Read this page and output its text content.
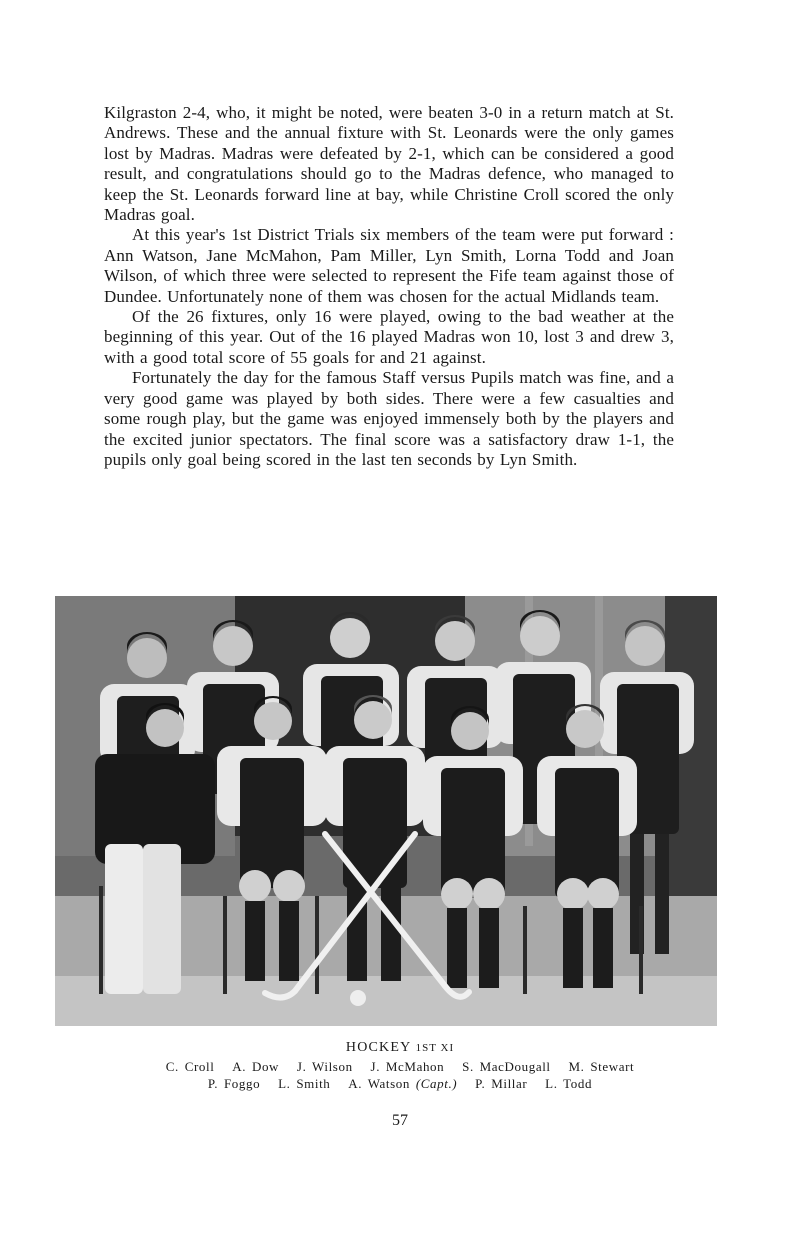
Kilgraston 2-4, who, it might be noted, were beaten 3-0 in a return match at St. Andrews. These and the annual fixture with St. Leonards were the only games lost by Madras. Madras were defeated by 2-1, which can be considered a good result, and congratulations should go to the Madras defence, who managed to keep the St. Leonards forward line at bay, while Christine Croll scored the only Madras goal.

At this year's 1st District Trials six members of the team were put forward : Ann Watson, Jane McMahon, Pam Miller, Lyn Smith, Lorna Todd and Joan Wilson, of which three were selected to represent the Fife team against those of Dundee. Unfortunately none of them was chosen for the actual Midlands team.

Of the 26 fixtures, only 16 were played, owing to the bad weather at the beginning of this year. Out of the 16 played Madras won 10, lost 3 and drew 3, with a good total score of 55 goals for and 21 against.

Fortunately the day for the famous Staff versus Pupils match was fine, and a very good game was played by both sides. There were a few casualties and some rough play, but the game was enjoyed immensely both by the players and the excited junior spectators. The final score was a satisfactory draw 1-1, the pupils only goal being scored in the last ten seconds by Lyn Smith.

HOCKEY 1ST XI
C. Croll A. Dow J. Wilson J. McMahon S. MacDougall M. Stewart
P. Foggo L. Smith A. Watson (Capt.) P. Millar L. Todd
57
